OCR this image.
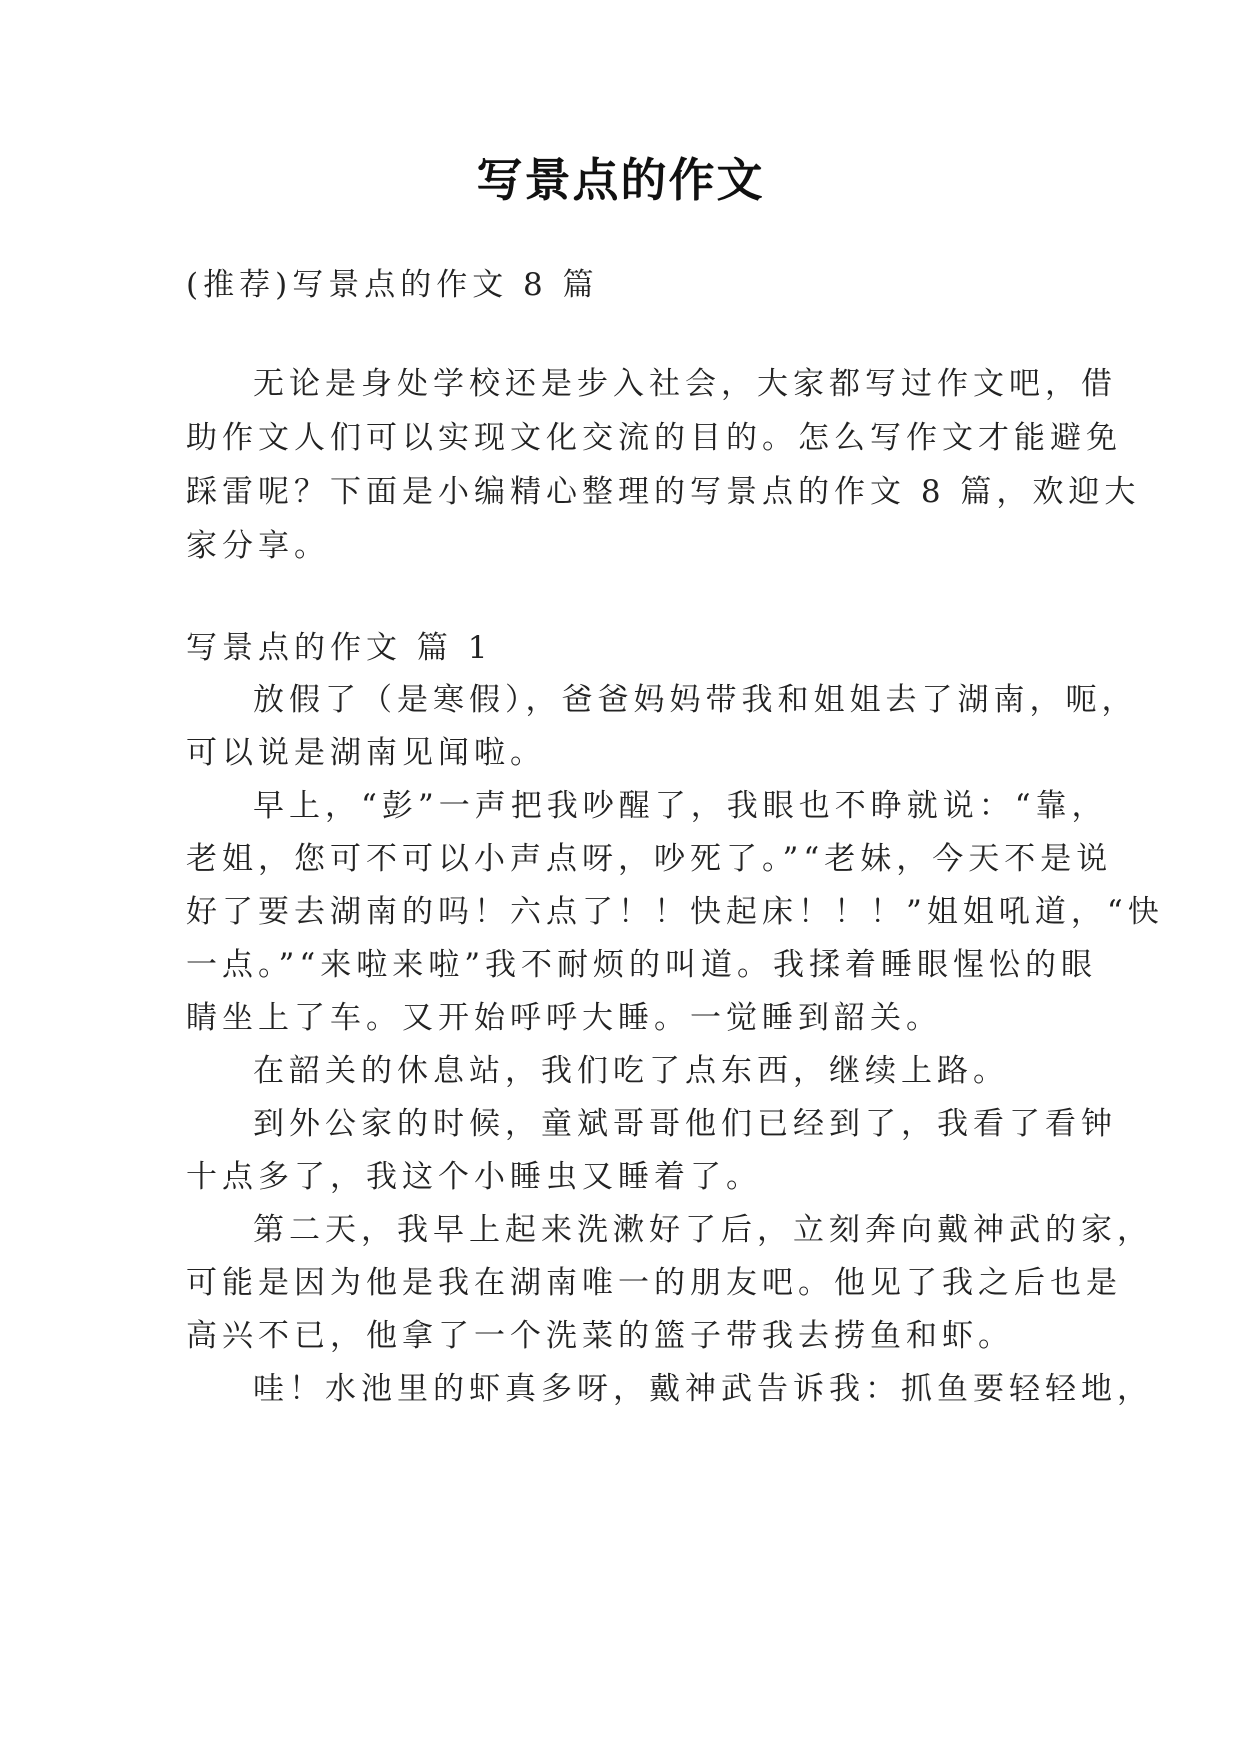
写景点的作文
(推荐)写景点的作文 8 篇
无论是身处学校还是步入社会，大家都写过作文吧，借
助作文人们可以实现文化交流的目的。怎么写作文才能避免
踩雷呢？下面是小编精心整理的写景点的作文 8 篇，欢迎大
家分享。
写景点的作文 篇 1
放假了（是寒假），爸爸妈妈带我和姐姐去了湖南，呃，
可以说是湖南见闻啦。
早上，“彭”一声把我吵醒了，我眼也不睁就说：“靠，
老姐，您可不可以小声点呀，吵死了。”“老妹，今天不是说
好了要去湖南的吗！六点了！！快起床！！！”姐姐吼道，“快
一点。”“来啦来啦”我不耐烦的叫道。我揉着睡眼惺忪的眼
睛坐上了车。又开始呼呼大睡。一觉睡到韶关。
在韶关的休息站，我们吃了点东西，继续上路。
到外公家的时候，童斌哥哥他们已经到了，我看了看钟
十点多了，我这个小睡虫又睡着了。
第二天，我早上起来洗漱好了后，立刻奔向戴神武的家，
可能是因为他是我在湖南唯一的朋友吧。他见了我之后也是
高兴不已，他拿了一个洗菜的篮子带我去捞鱼和虾。
哇！水池里的虾真多呀，戴神武告诉我：抓鱼要轻轻地，
